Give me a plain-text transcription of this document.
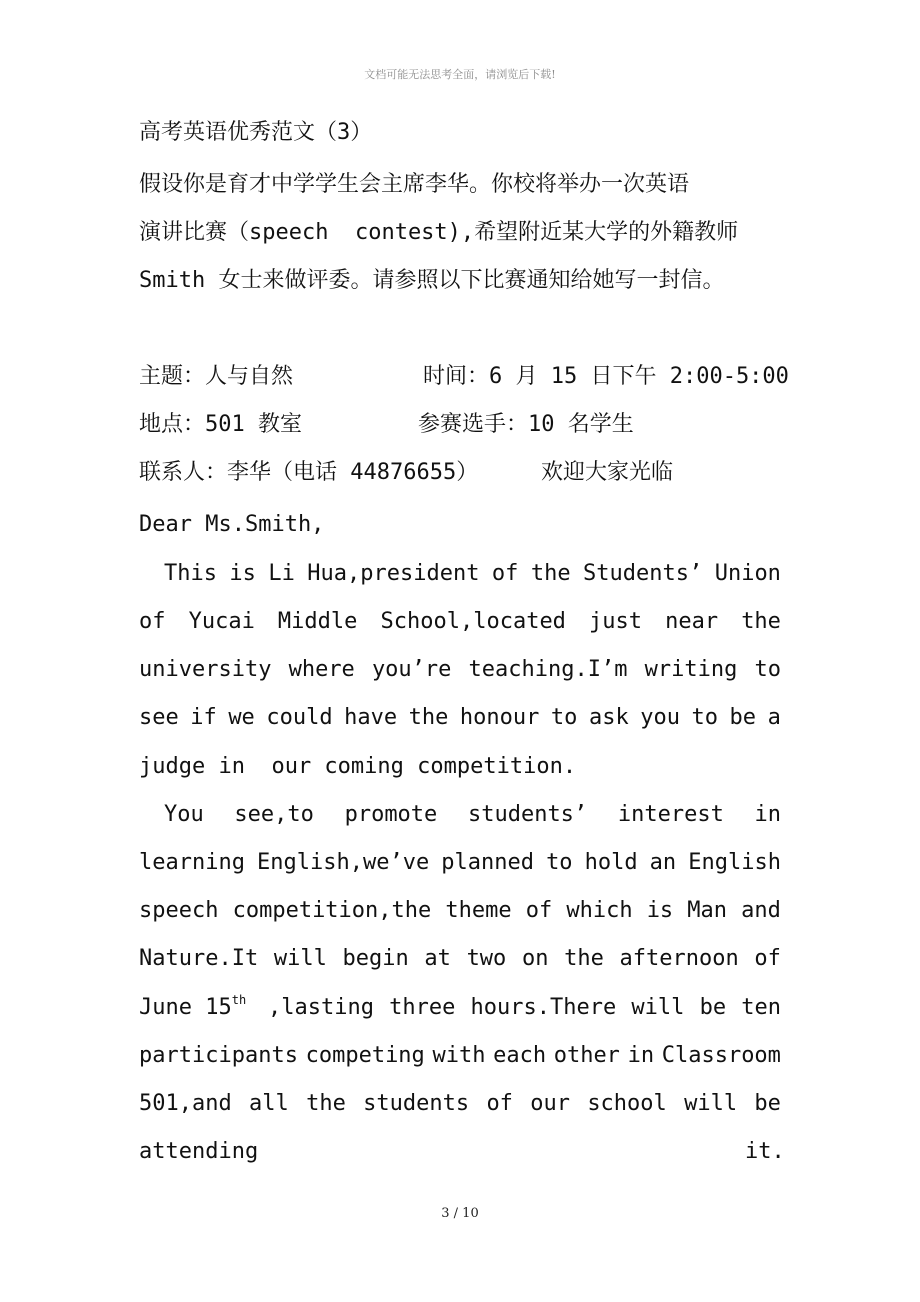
文档可能无法思考全面，请浏览后下载!
高考英语优秀范文（3）
假设你是育才中学学生会主席李华。你校将举办一次英语
演讲比赛（speech  contest),希望附近某大学的外籍教师
Smith 女士来做评委。请参照以下比赛通知给她写一封信。
主题：人与自然	时间：6 月 15 日下午 2:00-5:00
地点：501 教室	参赛选手：10 名学生
联系人：李华（电话 44876655）	欢迎大家光临
Dear Ms.Smith,
This is Li Hua,president of the Students’ Union
of Yucai Middle School,located just near the
university where you’re teaching.I’m writing to
see if we could have the honour to ask you to be a
judge in  our coming competition.
You see,to promote students’ interest in
learning English,we’ve planned to hold an English
speech competition,the theme of which is Man and
Nature.It will begin at two on the afternoon of
June 15th ,lasting three hours.There will be ten
participants competing with each other in Classroom
501,and all the students of our school will be
attending	it.
3 / 10
